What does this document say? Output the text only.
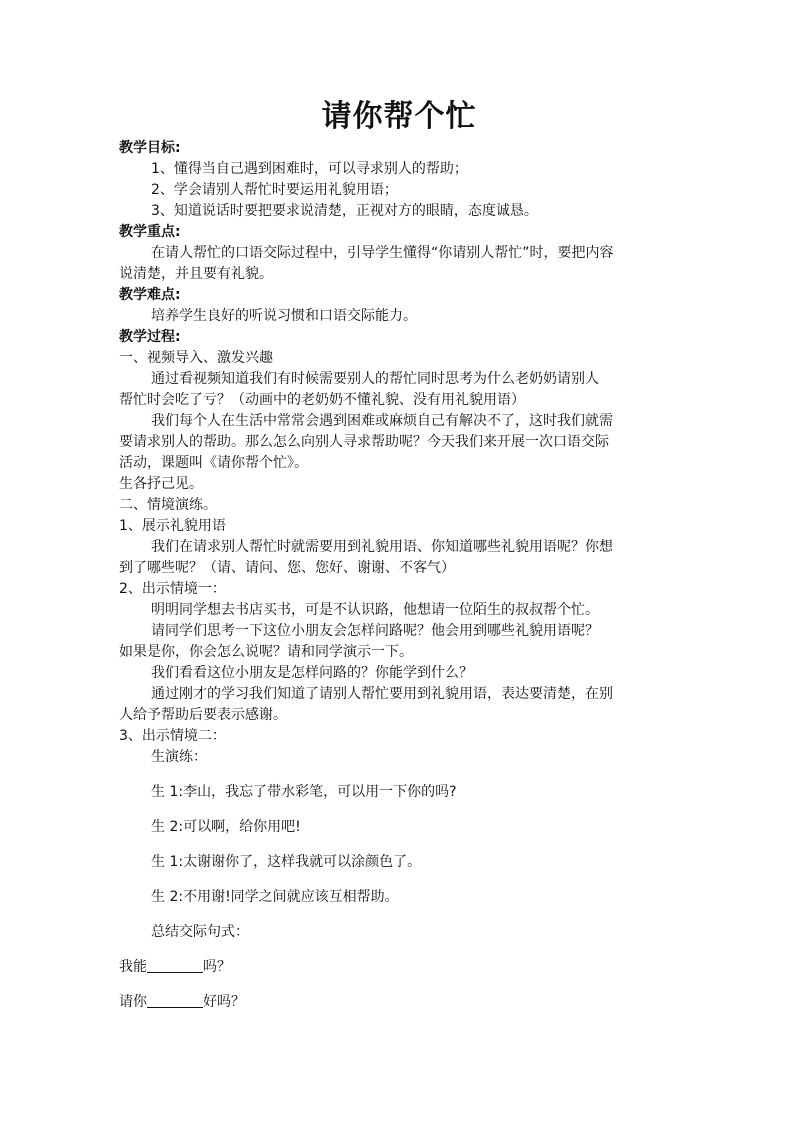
请你帮个忙
教学目标:
1、懂得当自己遇到困难时，可以寻求别人的帮助；
2、学会请别人帮忙时要运用礼貌用语；
3、知道说话时要把要求说清楚，正视对方的眼睛，态度诚恳。
教学重点:
在请人帮忙的口语交际过程中，引导学生懂得“你请别人帮忙”时，要把内容
说清楚，并且要有礼貌。
教学难点:
培养学生良好的听说习惯和口语交际能力。
教学过程:
一、视频导入、激发兴趣
通过看视频知道我们有时候需要别人的帮忙同时思考为什么老奶奶请别人
帮忙时会吃了亏？（动画中的老奶奶不懂礼貌、没有用礼貌用语）
我们每个人在生活中常常会遇到困难或麻烦自己有解决不了，这时我们就需
要请求别人的帮助。那么怎么向别人寻求帮助呢？今天我们来开展一次口语交际
活动，课题叫《请你帮个忙》。
生各抒己见。
二、情境演练。
1、展示礼貌用语
我们在请求别人帮忙时就需要用到礼貌用语、你知道哪些礼貌用语呢？你想
到了哪些呢？（请、请问、您、您好、谢谢、不客气）
2、出示情境一：
明明同学想去书店买书，可是不认识路，他想请一位陌生的叔叔帮个忙。
请同学们思考一下这位小朋友会怎样问路呢？他会用到哪些礼貌用语呢？
如果是你，你会怎么说呢？请和同学演示一下。
我们看看这位小朋友是怎样问路的？你能学到什么？
通过刚才的学习我们知道了请别人帮忙要用到礼貌用语，表达要清楚，在别
人给予帮助后要表示感谢。
3、出示情境二：
生演练：
生 1:李山，我忘了带水彩笔，可以用一下你的吗?
生 2:可以啊，给你用吧!
生 1:太谢谢你了，这样我就可以涂颜色了。
生 2:不用谢!同学之间就应该互相帮助。
总结交际句式：
我能	吗？
请你	好吗？
